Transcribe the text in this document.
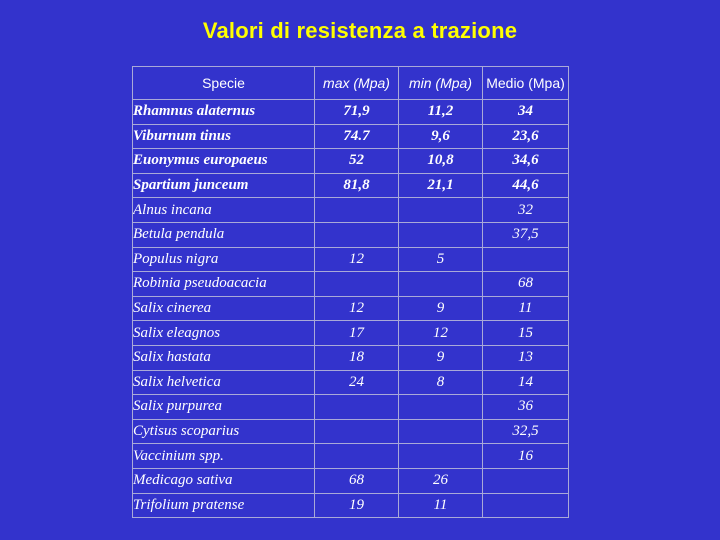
Valori di resistenza a trazione
Specie	max (Mpa)	min (Mpa)	Medio (Mpa)
Rhamnus alaternus	71,9	11,2	34
Viburnum tinus	74.7	9,6	23,6
Euonymus europaeus	52	10,8	34,6
Spartium junceum	81,8	21,1	44,6
Alnus incana			32
Betula pendula			37,5
Populus nigra	12	5	
Robinia pseudoacacia			68
Salix cinerea	12	9	11
Salix eleagnos	17	12	15
Salix hastata	18	9	13
Salix helvetica	24	8	14
Salix purpurea			36
Cytisus scoparius			32,5
Vaccinium spp.			16
Medicago sativa	68	26	
Trifolium pratense	19	11	
